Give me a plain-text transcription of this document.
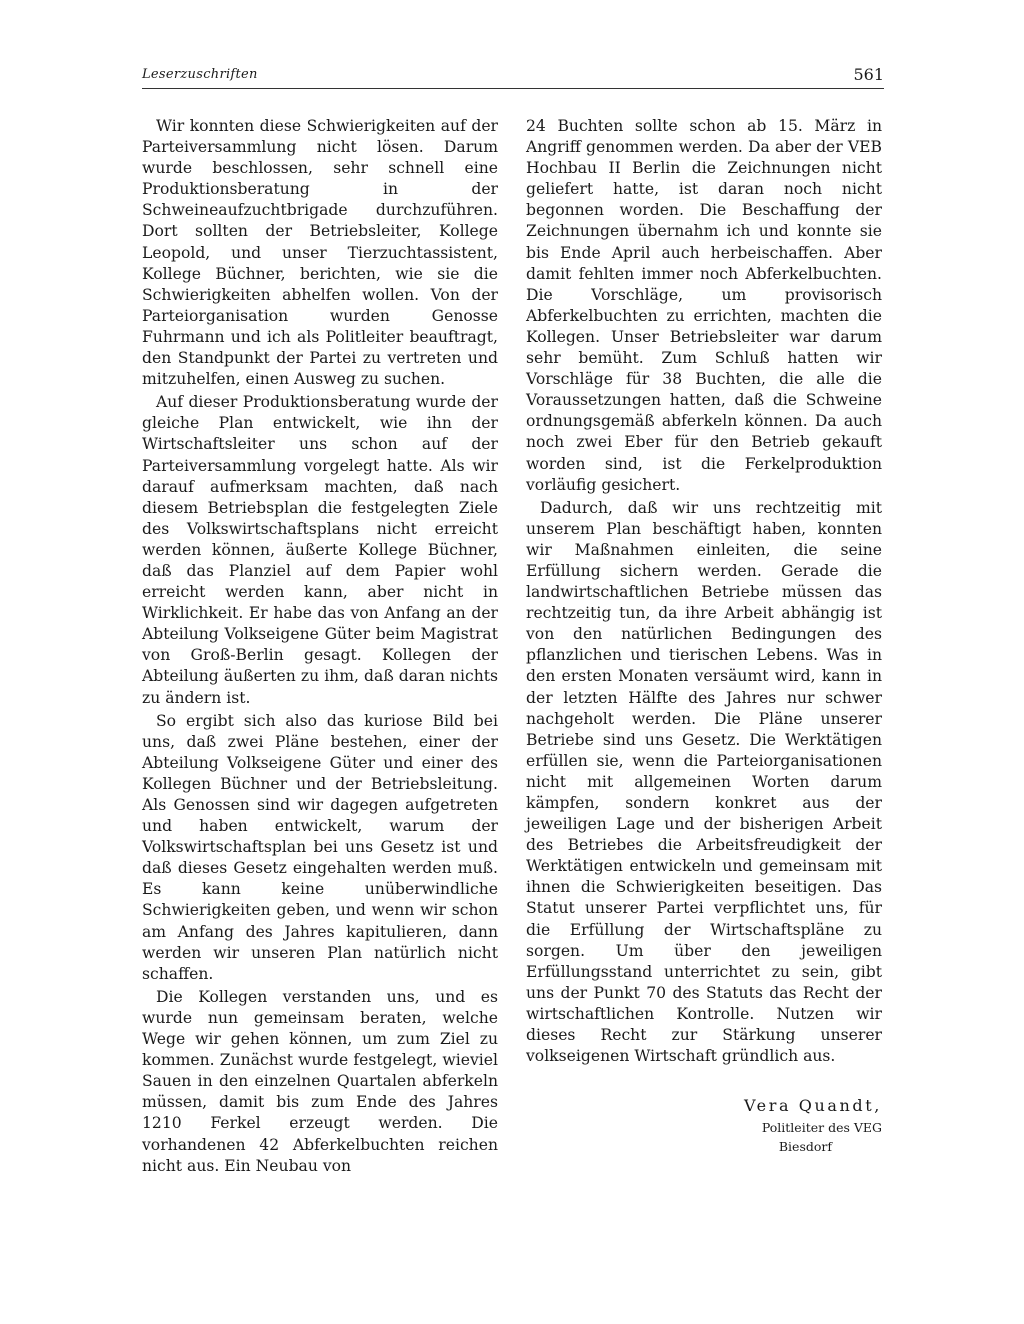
Leserzuschriften	561

Wir konnten diese Schwierigkeiten auf der Parteiversammlung nicht lösen. Darum wurde beschlossen, sehr schnell eine Produktionsberatung in der Schweineaufzuchtbrigade durchzuführen. Dort sollten der Betriebsleiter, Kollege Leopold, und unser Tierzuchtassistent, Kollege Büchner, berichten, wie sie die Schwierigkeiten abhelfen wollen. Von der Parteiorganisation wurden Genosse Fuhrmann und ich als Politleiter beauftragt, den Standpunkt der Partei zu vertreten und mitzuhelfen, einen Ausweg zu suchen.

Auf dieser Produktionsberatung wurde der gleiche Plan entwickelt, wie ihn der Wirtschaftsleiter uns schon auf der Parteiversammlung vorgelegt hatte. Als wir darauf aufmerksam machten, daß nach diesem Betriebsplan die festgelegten Ziele des Volkswirtschaftsplans nicht erreicht werden können, äußerte Kollege Büchner, daß das Planziel auf dem Papier wohl erreicht werden kann, aber nicht in Wirklichkeit. Er habe das von Anfang an der Abteilung Volkseigene Güter beim Magistrat von Groß-Berlin gesagt. Kollegen der Abteilung äußerten zu ihm, daß daran nichts zu ändern ist.

So ergibt sich also das kuriose Bild bei uns, daß zwei Pläne bestehen, einer der Abteilung Volkseigene Güter und einer des Kollegen Büchner und der Betriebsleitung. Als Genossen sind wir dagegen aufgetreten und haben entwickelt, warum der Volkswirtschaftsplan bei uns Gesetz ist und daß dieses Gesetz eingehalten werden muß. Es kann keine unüberwindliche Schwierigkeiten geben, und wenn wir schon am Anfang des Jahres kapitulieren, dann werden wir unseren Plan natürlich nicht schaffen.

Die Kollegen verstanden uns, und es wurde nun gemeinsam beraten, welche Wege wir gehen können, um zum Ziel zu kommen. Zunächst wurde festgelegt, wieviel Sauen in den einzelnen Quartalen abferkeln müssen, damit bis zum Ende des Jahres 1210 Ferkel erzeugt werden. Die vorhandenen 42 Abferkelbuchten reichen nicht aus. Ein Neubau von

24 Buchten sollte schon ab 15. März in Angriff genommen werden. Da aber der VEB Hochbau II Berlin die Zeichnungen nicht geliefert hatte, ist daran noch nicht begonnen worden. Die Beschaffung der Zeichnungen übernahm ich und konnte sie bis Ende April auch herbeischaffen. Aber damit fehlten immer noch Abferkelbuchten. Die Vorschläge, um provisorisch Abferkelbuchten zu errichten, machten die Kollegen. Unser Betriebsleiter war darum sehr bemüht. Zum Schluß hatten wir Vorschläge für 38 Buchten, die alle die Voraussetzungen hatten, daß die Schweine ordnungsgemäß abferkeln können. Da auch noch zwei Eber für den Betrieb gekauft worden sind, ist die Ferkelproduktion vorläufig gesichert.

Dadurch, daß wir uns rechtzeitig mit unserem Plan beschäftigt haben, konnten wir Maßnahmen einleiten, die seine Erfüllung sichern werden. Gerade die landwirtschaftlichen Betriebe müssen das rechtzeitig tun, da ihre Arbeit abhängig ist von den natürlichen Bedingungen des pflanzlichen und tierischen Lebens. Was in den ersten Monaten versäumt wird, kann in der letzten Hälfte des Jahres nur schwer nachgeholt werden. Die Pläne unserer Betriebe sind uns Gesetz. Die Werktätigen erfüllen sie, wenn die Parteiorganisationen nicht mit allgemeinen Worten darum kämpfen, sondern konkret aus der jeweiligen Lage und der bisherigen Arbeit des Betriebes die Arbeitsfreudigkeit der Werktätigen entwickeln und gemeinsam mit ihnen die Schwierigkeiten beseitigen. Das Statut unserer Partei verpflichtet uns, für die Erfüllung der Wirtschaftspläne zu sorgen. Um über den jeweiligen Erfüllungsstand unterrichtet zu sein, gibt uns der Punkt 70 des Statuts das Recht der wirtschaftlichen Kontrolle. Nutzen wir dieses Recht zur Stärkung unserer volkseigenen Wirtschaft gründlich aus.

Vera Quandt,
Politleiter des VEG
Biesdorf
